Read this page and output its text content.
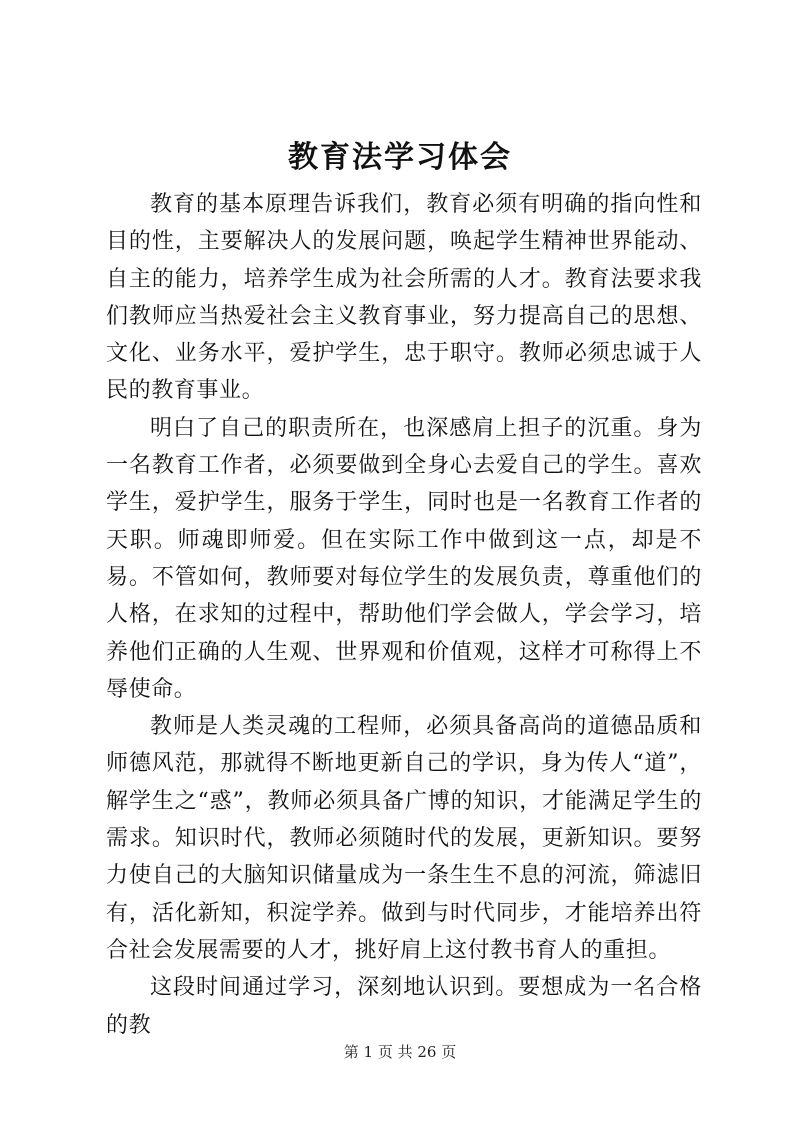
教育法学习体会

教育的基本原理告诉我们，教育必须有明确的指向性和目的性，主要解决人的发展问题，唤起学生精神世界能动、自主的能力，培养学生成为社会所需的人才。教育法要求我们教师应当热爱社会主义教育事业，努力提高自己的思想、文化、业务水平，爱护学生，忠于职守。教师必须忠诚于人民的教育事业。

明白了自己的职责所在，也深感肩上担子的沉重。身为一名教育工作者，必须要做到全身心去爱自己的学生。喜欢学生，爱护学生，服务于学生，同时也是一名教育工作者的天职。师魂即师爱。但在实际工作中做到这一点，却是不易。不管如何，教师要对每位学生的发展负责，尊重他们的人格，在求知的过程中，帮助他们学会做人，学会学习，培养他们正确的人生观、世界观和价值观，这样才可称得上不辱使命。

教师是人类灵魂的工程师，必须具备高尚的道德品质和师德风范，那就得不断地更新自己的学识，身为传人“道”，解学生之“惑”，教师必须具备广博的知识，才能满足学生的需求。知识时代，教师必须随时代的发展，更新知识。要努力使自己的大脑知识储量成为一条生生不息的河流，筛滤旧有，活化新知，积淀学养。做到与时代同步，才能培养出符合社会发展需要的人才，挑好肩上这付教书育人的重担。

这段时间通过学习，深刻地认识到。要想成为一名合格的教

第 1 页 共 26 页
